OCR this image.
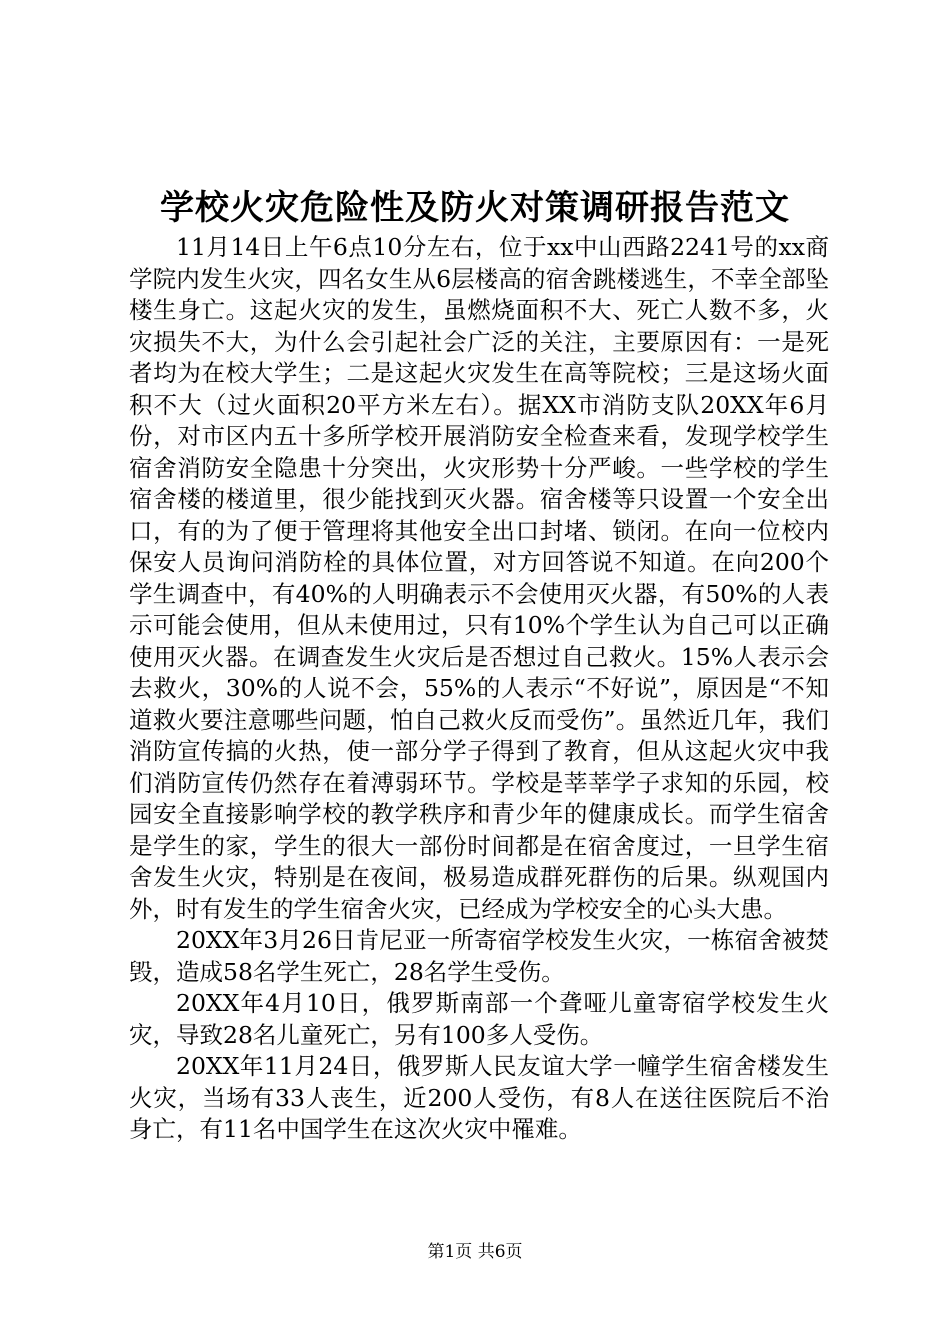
学校火灾危险性及防火对策调研报告范文

11月14日上午6点10分左右，位于xx中山西路2241号的xx商学院内发生火灾，四名女生从6层楼高的宿舍跳楼逃生，不幸全部坠楼生身亡。这起火灾的发生，虽燃烧面积不大、死亡人数不多，火灾损失不大，为什么会引起社会广泛的关注，主要原因有：一是死者均为在校大学生；二是这起火灾发生在高等院校；三是这场火面积不大（过火面积20平方米左右）。据XX市消防支队20XX年6月份，对市区内五十多所学校开展消防安全检查来看，发现学校学生宿舍消防安全隐患十分突出，火灾形势十分严峻。一些学校的学生宿舍楼的楼道里，很少能找到灭火器。宿舍楼等只设置一个安全出口，有的为了便于管理将其他安全出口封堵、锁闭。在向一位校内保安人员询问消防栓的具体位置，对方回答说不知道。在向200个学生调查中，有40%的人明确表示不会使用灭火器，有50%的人表示可能会使用，但从未使用过，只有10%个学生认为自己可以正确使用灭火器。在调查发生火灾后是否想过自己救火。15%人表示会去救火，30%的人说不会，55%的人表示“不好说”，原因是“不知道救火要注意哪些问题，怕自己救火反而受伤”。虽然近几年，我们消防宣传搞的火热，使一部分学子得到了教育，但从这起火灾中我们消防宣传仍然存在着溥弱环节。学校是莘莘学子求知的乐园，校园安全直接影响学校的教学秩序和青少年的健康成长。而学生宿舍是学生的家，学生的很大一部份时间都是在宿舍度过，一旦学生宿舍发生火灾，特别是在夜间，极易造成群死群伤的后果。纵观国内外，时有发生的学生宿舍火灾，已经成为学校安全的心头大患。

20XX年3月26日肯尼亚一所寄宿学校发生火灾，一栋宿舍被焚毁，造成58名学生死亡，28名学生受伤。

20XX年4月10日，俄罗斯南部一个聋哑儿童寄宿学校发生火灾，导致28名儿童死亡，另有100多人受伤。

20XX年11月24日，俄罗斯人民友谊大学一幢学生宿舍楼发生火灾，当场有33人丧生，近200人受伤，有8人在送往医院后不治身亡，有11名中国学生在这次火灾中罹难。

第1页 共6页
